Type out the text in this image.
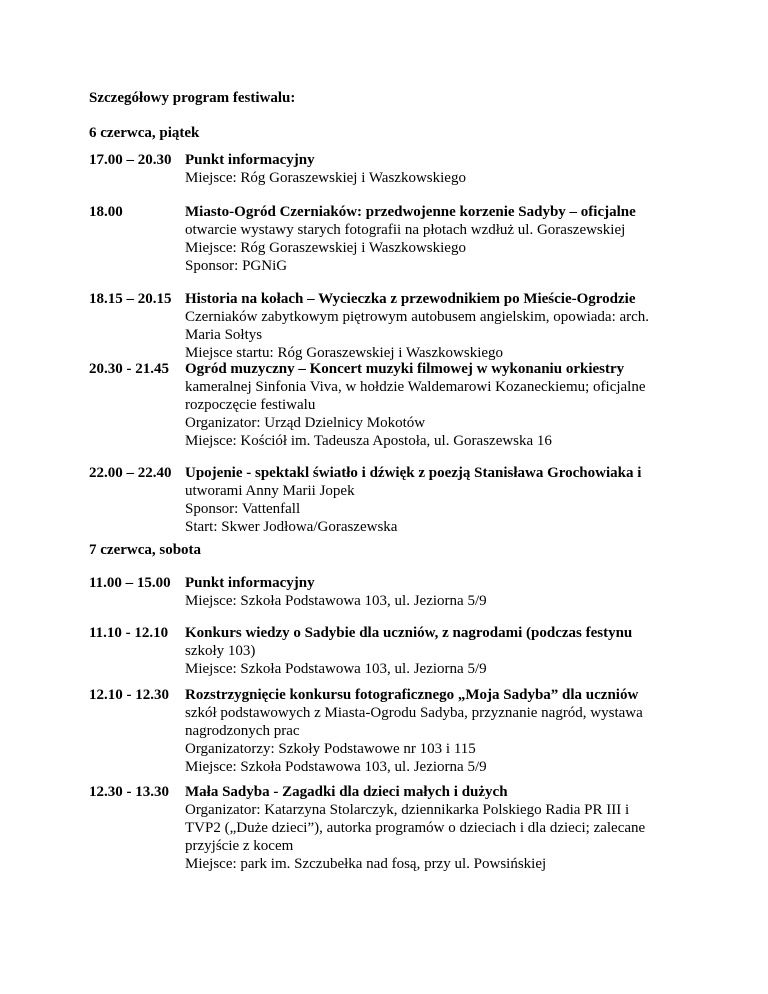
Szczegółowy program festiwalu:
6 czerwca, piątek
17.00 – 20.30 Punkt informacyjny
Miejsce: Róg Goraszewskiej i Waszkowskiego
18.00	Miasto-Ogród Czerniaków: przedwojenne korzenie Sadyby – oficjalne
otwarcie wystawy starych fotografii na płotach wzdłuż ul. Goraszewskiej
Miejsce: Róg Goraszewskiej i Waszkowskiego
Sponsor: PGNiG
18.15 – 20.15 Historia na kołach – Wycieczka z przewodnikiem po Mieście-Ogrodzie
Czerniaków zabytkowym piętrowym autobusem angielskim, opowiada: arch.
Maria Sołtys
Miejsce startu: Róg Goraszewskiej i Waszkowskiego
20.30 - 21.45 Ogród muzyczny – Koncert muzyki filmowej w wykonaniu orkiestry
kameralnej Sinfonia Viva, w hołdzie Waldemarowi Kozaneckiemu; oficjalne
rozpoczęcie festiwalu
Organizator: Urząd Dzielnicy Mokotów
Miejsce: Kościół im. Tadeusza Apostoła, ul. Goraszewska 16
22.00 – 22.40 Upojenie - spektakl światło i dźwięk z poezją Stanisława Grochowiaka i
utworami Anny Marii Jopek
Sponsor: Vattenfall
Start: Skwer Jodłowa/Goraszewska
7 czerwca, sobota
11.00 – 15.00 Punkt informacyjny
Miejsce: Szkoła Podstawowa 103, ul. Jeziorna 5/9
11.10 - 12.10 Konkurs wiedzy o Sadybie dla uczniów, z nagrodami (podczas festynu
szkoły 103)
Miejsce: Szkoła Podstawowa 103, ul. Jeziorna 5/9
12.10 - 12.30 Rozstrzygnięcie konkursu fotograficznego „Moja Sadyba” dla uczniów
szkół podstawowych z Miasta-Ogrodu Sadyba, przyznanie nagród, wystawa
nagrodzonych prac
Organizatorzy: Szkoły Podstawowe nr 103 i 115
Miejsce: Szkoła Podstawowa 103, ul. Jeziorna 5/9
12.30 - 13.30 Mała Sadyba - Zagadki dla dzieci małych i dużych
Organizator: Katarzyna Stolarczyk, dziennikarka Polskiego Radia PR III i
TVP2 („Duże dzieci”), autorka programów o dzieciach i dla dzieci; zalecane
przyjście z kocem
Miejsce: park im. Szczubełka nad fosą, przy ul. Powsińskiej
